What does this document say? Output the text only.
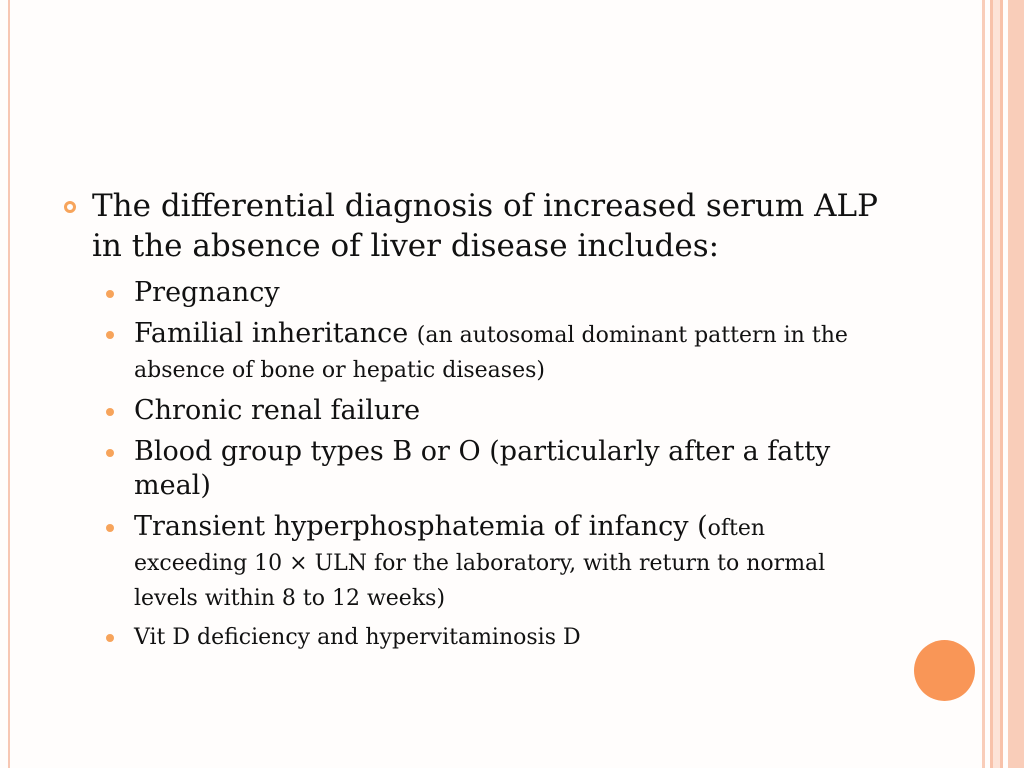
The differential diagnosis of increased serum ALP in the absence of liver disease includes:
Pregnancy
Familial inheritance (an autosomal dominant pattern in the absence of bone or hepatic diseases)
Chronic renal failure
Blood group types B or O (particularly after a fatty meal)
Transient hyperphosphatemia of infancy (often exceeding 10 × ULN for the laboratory, with return to normal levels within 8 to 12 weeks)
Vit D deficiency and hypervitaminosis D
